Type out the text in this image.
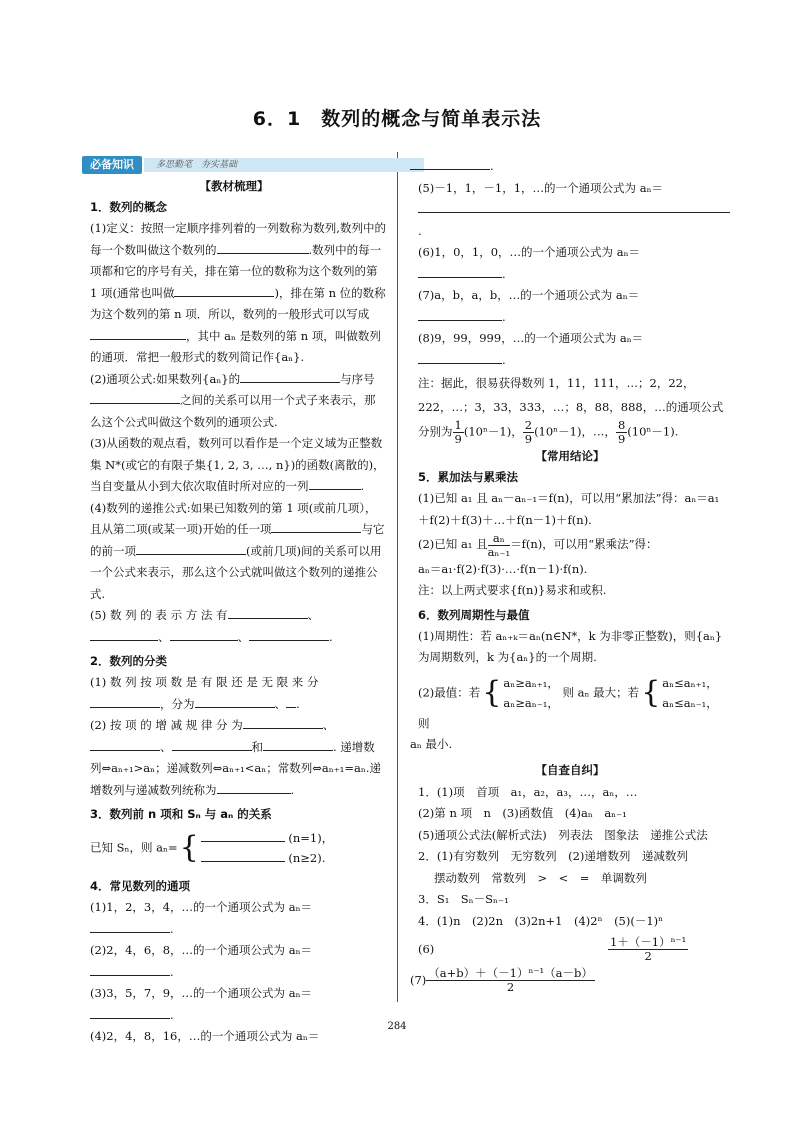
6．1　数列的概念与简单表示法
必备知识	多思勤笔　夯实基础
【教材梳理】
1．数列的概念

(1)定义：按照一定顺序排列着的一列数称为数列,数列中的每一个数叫做这个数列的	.数列中的每一项都和它的序号有关，排在第一位的数称为这个数列的第 1 项(通常也叫做	)，排在第 n 位的数称为这个数列的第 n 项．所以，数列的一般形式可以写成，其中 aₙ 是数列的第 n 项，叫做数列的通项．常把一般形式的数列简记作{aₙ}.

(2)通项公式:如果数列{aₙ}的	与序号之间的关系可以用一个式子来表示，那么这个公式叫做这个数列的通项公式.

(3)从函数的观点看，数列可以看作是一个定义域为正整数集 N*(或它的有限子集{1, 2, 3, …, n})的函数(离散的)，当自变量从小到大依次取值时所对应的一列	.

(4)数列的递推公式:如果已知数列的第 1 项(或前几项），且从第二项(或某一项)开始的任一项	与它的前一项	(或前几项)间的关系可以用一个公式来表示，那么这个公式就叫做这个数列的递推公式.

(5) 数 列 的 表 示 方 法 有	、、	、	.

2．数列的分类

(1) 数 列 按 项 数 是 有 限 还 是 无 限 来 分，分为	、 .

(2) 按 项 的 增 减 规 律 分 为	、、	和	. 递增数列⇔aₙ₊₁>aₙ；递减数列⇔aₙ₊₁<aₙ；常数列⇔aₙ₊₁=aₙ.递增数列与递减数列统称为	.

3．数列前 n 项和 Sₙ 与 aₙ 的关系

已知 Sₙ，则 aₙ={	(n=1)，
(n≥2).

4．常见数列的通项

(1)1，2，3，4，…的一个通项公式为 aₙ＝
.

(2)2，4，6，8，…的一个通项公式为 aₙ＝
.

(3)3，5，7，9，…的一个通项公式为 aₙ＝
.

(4)2，4，8，16，…的一个通项公式为 aₙ＝

.

(5)－1，1，－1，1，…的一个通项公式为 aₙ＝
.

(6)1，0，1，0，…的一个通项公式为 aₙ＝
.

(7)a，b，a，b，…的一个通项公式为 aₙ＝
.

(8)9，99，999，…的一个通项公式为 aₙ＝
.

注：据此，很易获得数列 1，11，111，…；2，22，222，…；3，33，333，…；8，88，888，…的通项公式分别为 $\frac{1}{9} (10^n-1)$， $\frac{2}{9} (10^n-1)$，…， $\frac{8}{9} (10^n-1)$.

【常用结论】
5．累加法与累乘法

(1)已知 a₁ 且 aₙ－aₙ₋₁＝f(n)，可以用“累加法”得：aₙ＝a₁＋f(2)＋f(3)＋…＋f(n－1)＋f(n).

(2)已知 a₁ 且 $\frac{\text{aₙ}}{\text{aₙ₋₁}} =f(n)$，可以用“累乘法”得：

aₙ＝a₁·f(2)·f(3)·…·f(n－1)·f(n).

注：以上两式要求{f(n)}易求和或积.

6．数列周期性与最值

(1)周期性：若 aₙ₊ₖ＝aₙ(n∈N*，k 为非零正整数)，则{aₙ}为周期数列，k 为{aₙ}的一个周期.

(2)最值：若{ aₙ≥aₙ₊₁，
aₙ≥aₙ₋₁， 则 aₙ 最大；若{ aₙ≤aₙ₊₁，
aₙ≤aₙ₋₁， 则

aₙ 最小.

【自查自纠】

1．(1)项　首项　a₁，a₂，a₃，…，aₙ，…

(2)第 n 项　n　(3)函数值　(4)aₙ　aₙ₋₁

(5)通项公式法(解析式法)　列表法　图象法　递推公式法

2．(1)有穷数列　无穷数列　(2)递增数列　递减数列

摆动数列　常数列　>　<　=　单调数列

3．S₁　Sₙ－Sₙ₋₁

4．(1)n　(2)2n　(3)2n+1　(4)2ⁿ　(5)(－1)ⁿ

(6)	$\frac{\text{1＋（－1）ⁿ⁻¹}}{2}$

$(7) \frac{\text{（a+b）＋（－1）ⁿ⁻¹（a－b）}}{2}$

284
